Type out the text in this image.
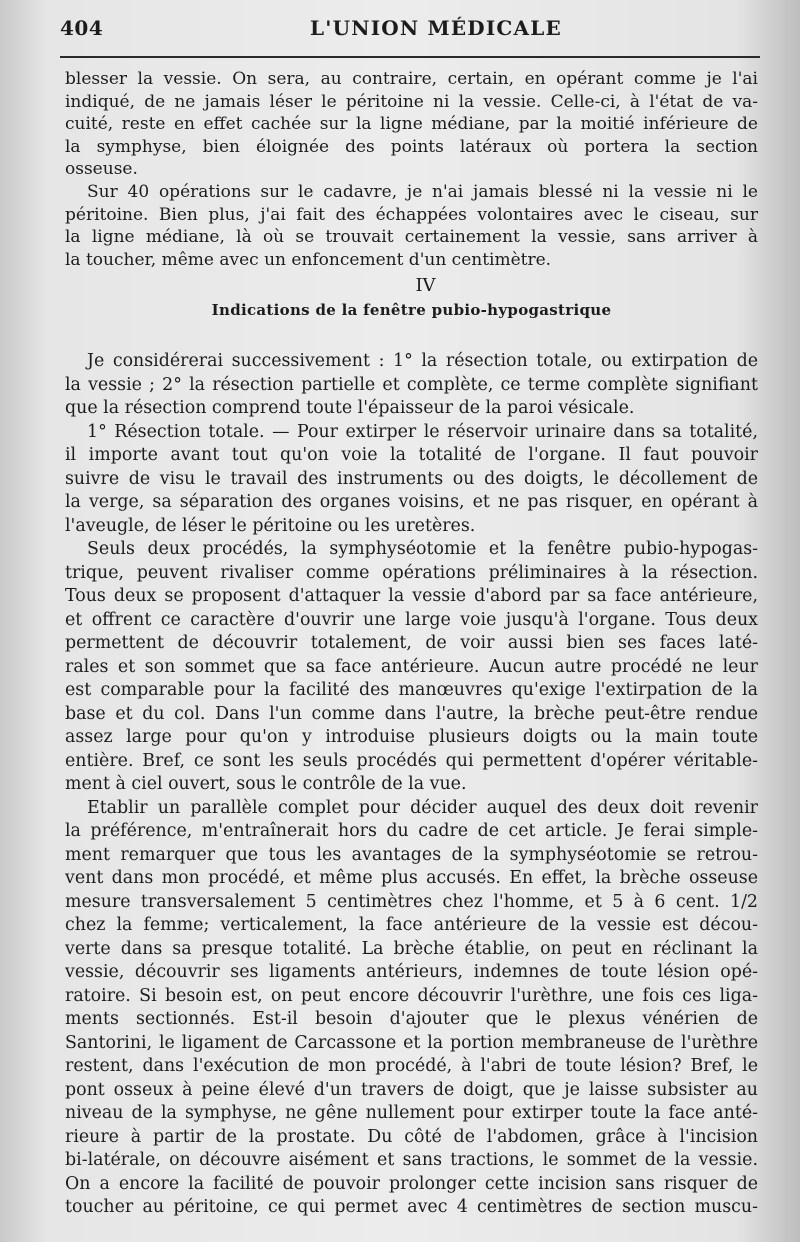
404	L'UNION MÉDICALE
blesser la vessie. On sera, au contraire, certain, en opérant comme je l'ai
indiqué, de ne jamais léser le péritoine ni la vessie. Celle-ci, à l'état de va-
cuité, reste en effet cachée sur la ligne médiane, par la moitié inférieure de
la symphyse, bien éloignée des points latéraux où portera la section
osseuse.
Sur 40 opérations sur le cadavre, je n'ai jamais blessé ni la vessie ni le
péritoine. Bien plus, j'ai fait des échappées volontaires avec le ciseau, sur
la ligne médiane, là où se trouvait certainement la vessie, sans arriver à
la toucher, même avec un enfoncement d'un centimètre.
IV
Indications de la fenêtre pubio-hypogastrique
Je considérerai successivement : 1° la résection totale, ou extirpation de
la vessie ; 2° la résection partielle et complète, ce terme complète signifiant
que la résection comprend toute l'épaisseur de la paroi vésicale.
1° Résection totale. — Pour extirper le réservoir urinaire dans sa totalité,
il importe avant tout qu'on voie la totalité de l'organe. Il faut pouvoir
suivre de visu le travail des instruments ou des doigts, le décollement de
la verge, sa séparation des organes voisins, et ne pas risquer, en opérant à
l'aveugle, de léser le péritoine ou les uretères.
Seuls deux procédés, la symphyséotomie et la fenêtre pubio-hypogas-
trique, peuvent rivaliser comme opérations préliminaires à la résection.
Tous deux se proposent d'attaquer la vessie d'abord par sa face antérieure,
et offrent ce caractère d'ouvrir une large voie jusqu'à l'organe. Tous deux
permettent de découvrir totalement, de voir aussi bien ses faces laté-
rales et son sommet que sa face antérieure. Aucun autre procédé ne leur
est comparable pour la facilité des manœuvres qu'exige l'extirpation de la
base et du col. Dans l'un comme dans l'autre, la brèche peut-être rendue
assez large pour qu'on y introduise plusieurs doigts ou la main toute
entière. Bref, ce sont les seuls procédés qui permettent d'opérer véritable-
ment à ciel ouvert, sous le contrôle de la vue.
Etablir un parallèle complet pour décider auquel des deux doit revenir
la préférence, m'entraînerait hors du cadre de cet article. Je ferai simple-
ment remarquer que tous les avantages de la symphyséotomie se retrou-
vent dans mon procédé, et même plus accusés. En effet, la brèche osseuse
mesure transversalement 5 centimètres chez l'homme, et 5 à 6 cent. 1/2
chez la femme; verticalement, la face antérieure de la vessie est décou-
verte dans sa presque totalité. La brèche établie, on peut en réclinant la
vessie, découvrir ses ligaments antérieurs, indemnes de toute lésion opé-
ratoire. Si besoin est, on peut encore découvrir l'urèthre, une fois ces liga-
ments sectionnés. Est-il besoin d'ajouter que le plexus vénérien de
Santorini, le ligament de Carcassone et la portion membraneuse de l'urèthre
restent, dans l'exécution de mon procédé, à l'abri de toute lésion? Bref, le
pont osseux à peine élevé d'un travers de doigt, que je laisse subsister au
niveau de la symphyse, ne gêne nullement pour extirper toute la face anté-
rieure à partir de la prostate. Du côté de l'abdomen, grâce à l'incision
bi-latérale, on découvre aisément et sans tractions, le sommet de la vessie.
On a encore la facilité de pouvoir prolonger cette incision sans risquer de
toucher au péritoine, ce qui permet avec 4 centimètres de section muscu-
